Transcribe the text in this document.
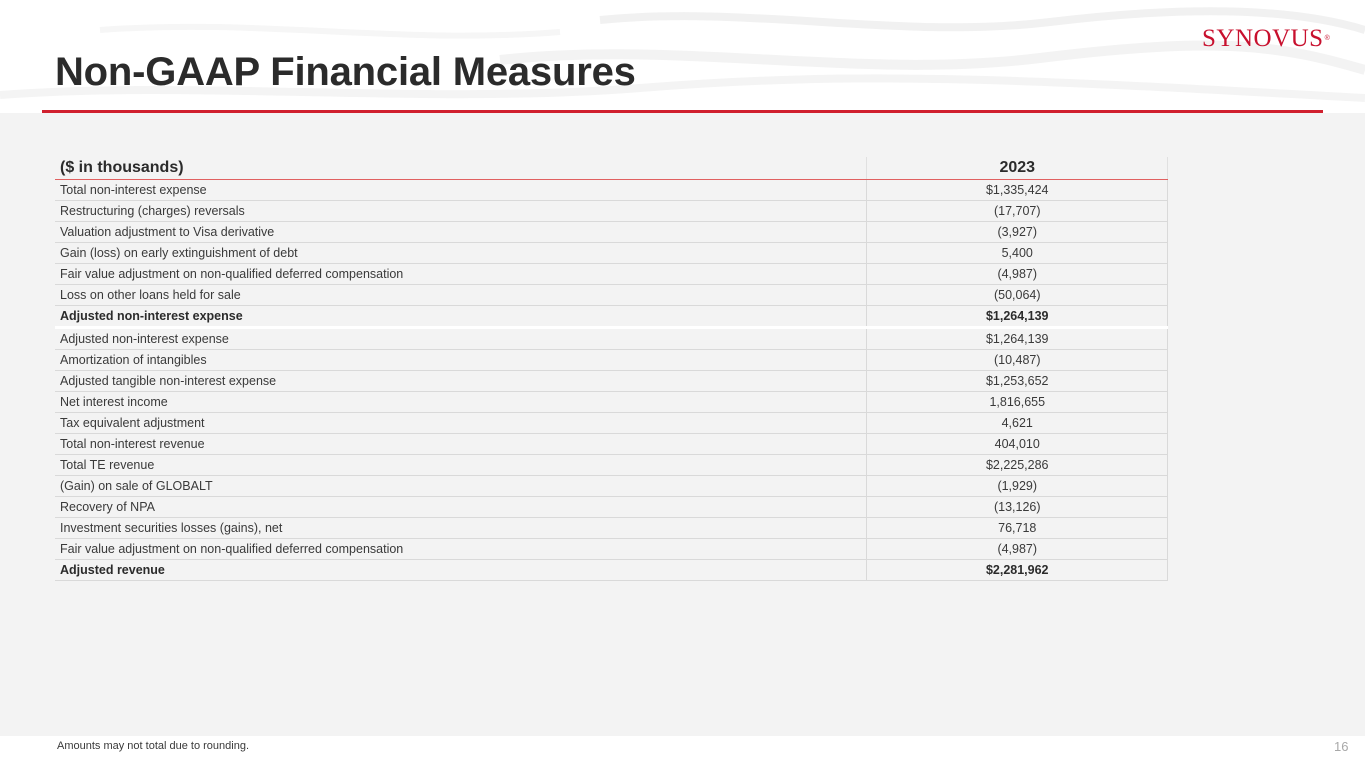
Non-GAAP Financial Measures
SYNOVUS®
($ in thousands)	2023
Total non-interest expense	$1,335,424
Restructuring (charges) reversals	(17,707)
Valuation adjustment to Visa derivative	(3,927)
Gain (loss) on early extinguishment of debt	5,400
Fair value adjustment on non-qualified deferred compensation	(4,987)
Loss on other loans held for sale	(50,064)
Adjusted non-interest expense	$1,264,139
Adjusted non-interest expense	$1,264,139
Amortization of intangibles	(10,487)
Adjusted tangible non-interest expense	$1,253,652
Net interest income	1,816,655
Tax equivalent adjustment	4,621
Total non-interest revenue	404,010
Total TE revenue	$2,225,286
(Gain) on sale of GLOBALT	(1,929)
Recovery of NPA	(13,126)
Investment securities losses (gains), net	76,718
Fair value adjustment on non-qualified deferred compensation	(4,987)
Adjusted revenue	$2,281,962
Amounts may not total due to rounding.	16
